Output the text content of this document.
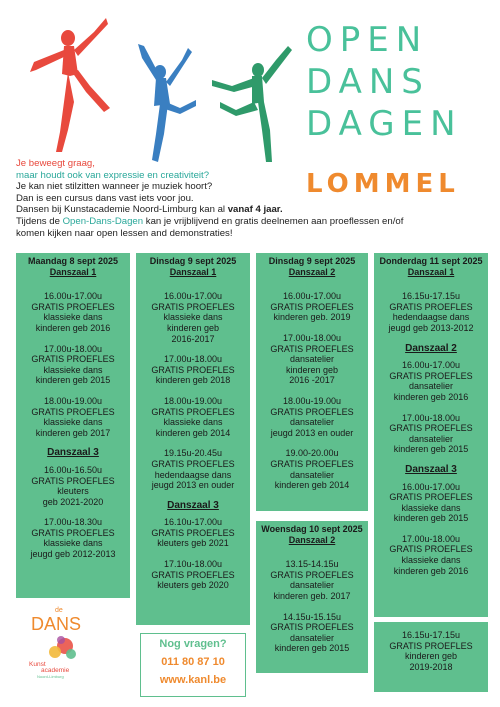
OPEN
DANS
DAGEN
LOMMEL
Je beweegt graag,
maar houdt ook van expressie en creativiteit?
Je kan niet stilzitten wanneer je muziek hoort?
Dan is een cursus dans vast iets voor jou.
Dansen bij Kunstacademie Noord-Limburg kan al vanaf 4 jaar.
Tijdens de Open-Dans-Dagen kan je vrijblijvend en gratis deelnemen aan proeflessen en/of
komen kijken naar open lessen and demonstraties!
Maandag 8 sept 2025
Danszaal 1
16.00u-17.00u
GRATIS PROEFLES
klassieke dans
kinderen geb 2016
17.00u-18.00u
GRATIS PROEFLES
klassieke dans
kinderen geb 2015
18.00u-19.00u
GRATIS PROEFLES
klassieke dans
kinderen geb 2017
Danszaal 3
16.00u-16.50u
GRATIS PROEFLES
kleuters
geb 2021-2020
17.00u-18.30u
GRATIS PROEFLES
klassieke dans
jeugd geb 2012-2013
Dinsdag 9 sept 2025
Danszaal 1
16.00u-17.00u
GRATIS PROEFLES
klassieke dans
kinderen geb
2016-2017
17.00u-18.00u
GRATIS PROEFLES
kinderen geb 2018
18.00u-19.00u
GRATIS PROEFLES
klassieke dans
kinderen geb 2014
19.15u-20.45u
GRATIS PROEFLES
hedendaagse dans
jeugd 2013 en ouder
Danszaal 3
16.10u-17.00u
GRATIS PROEFLES
kleuters geb 2021
17.10u-18.00u
GRATIS PROEFLES
kleuters geb 2020
Dinsdag 9 sept 2025
Danszaal 2
16.00u-17.00u
GRATIS PROEFLES
kinderen geb. 2019
17.00u-18.00u
GRATIS PROEFLES
dansatelier
kinderen geb
2016 -2017
18.00u-19.00u
GRATIS PROEFLES
dansatelier
jeugd 2013 en ouder
19.00-20.00u
GRATIS PROEFLES
dansatelier
kinderen geb 2014
Woensdag 10 sept 2025
Danszaal 2
13.15-14.15u
GRATIS PROEFLES
dansatelier
kinderen geb. 2017
14.15u-15.15u
GRATIS PROEFLES
dansatelier
kinderen geb 2015
Donderdag 11 sept 2025
Danszaal 1
16.15u-17.15u
GRATIS PROEFLES
hedendaagse dans
jeugd geb 2013-2012
Danszaal 2
16.00u-17.00u
GRATIS PROEFLES
dansatelier
kinderen geb 2016
17.00u-18.00u
GRATIS PROEFLES
dansatelier
kinderen geb 2015
Danszaal 3
16.00u-17.00u
GRATIS PROEFLES
klassieke dans
kinderen geb 2015
17.00u-18.00u
GRATIS PROEFLES
klassieke dans
kinderen geb 2016
16.15u-17.15u
GRATIS PROEFLES
kinderen geb
2019-2018
Nog vragen?
011 80 87 10
www.kanl.be
de
DANS
Kunst
academie
Noord-Limburg
